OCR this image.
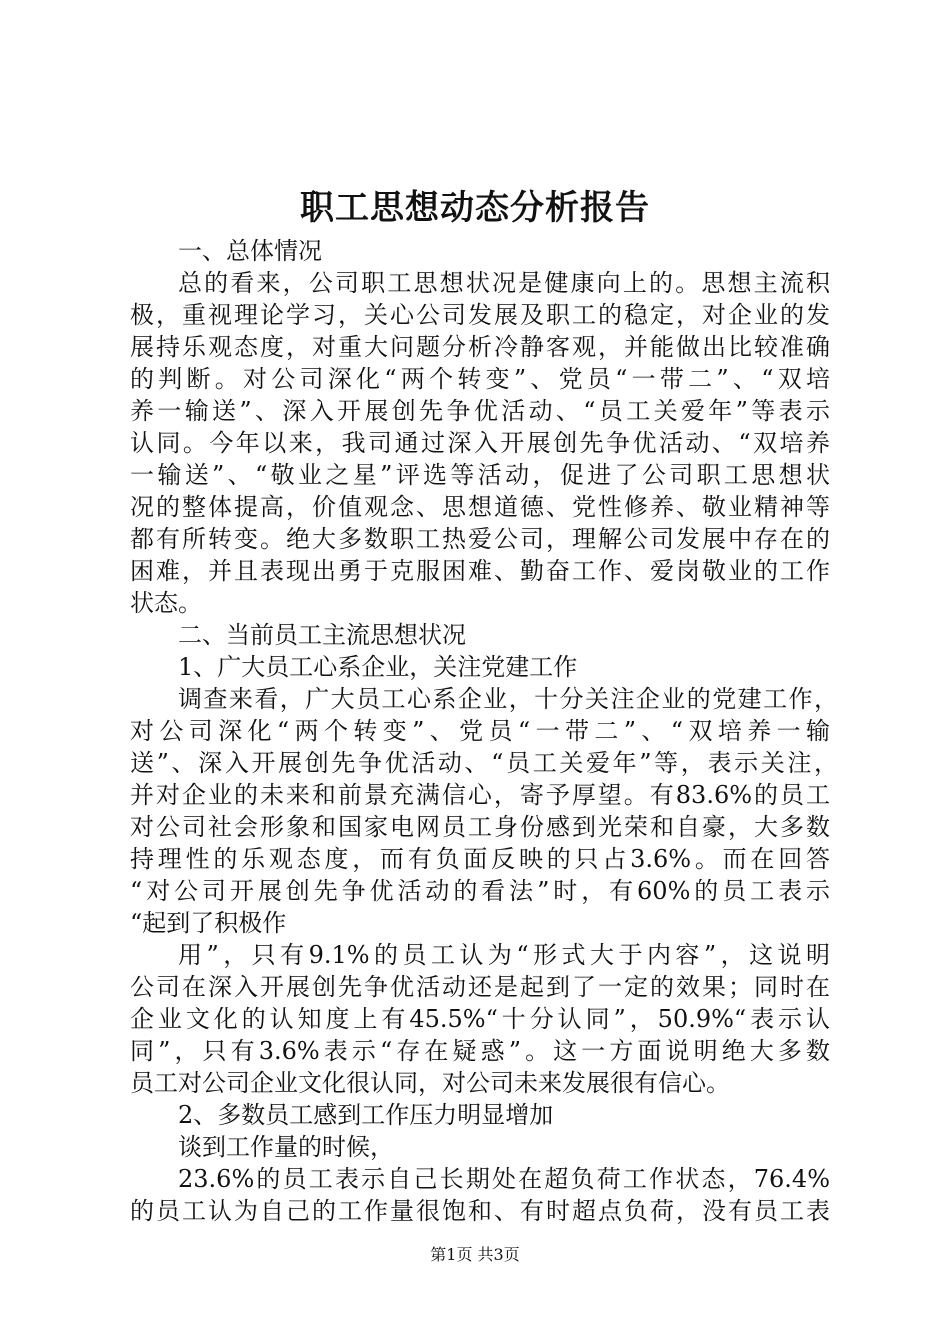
职工思想动态分析报告
一、总体情况
总的看来，公司职工思想状况是健康向上的。思想主流积
极，重视理论学习，关心公司发展及职工的稳定，对企业的发
展持乐观态度，对重大问题分析冷静客观，并能做出比较准确
的判断。对公司深化“两个转变”、党员“一带二”、“双培
养一输送”、深入开展创先争优活动、“员工关爱年”等表示
认同。今年以来，我司通过深入开展创先争优活动、“双培养
一输送”、“敬业之星”评选等活动，促进了公司职工思想状
况的整体提高，价值观念、思想道德、党性修养、敬业精神等
都有所转变。绝大多数职工热爱公司，理解公司发展中存在的
困难，并且表现出勇于克服困难、勤奋工作、爱岗敬业的工作
状态。
二、当前员工主流思想状况
1、广大员工心系企业，关注党建工作
调查来看，广大员工心系企业，十分关注企业的党建工作，
对公司深化“两个转变”、党员“一带二”、“双培养一输
送”、深入开展创先争优活动、“员工关爱年”等，表示关注，
并对企业的未来和前景充满信心，寄予厚望。有83.6%的员工
对公司社会形象和国家电网员工身份感到光荣和自豪，大多数
持理性的乐观态度，而有负面反映的只占3.6%。而在回答
“对公司开展创先争优活动的看法”时，有60%的员工表示
“起到了积极作
用”，只有9.1%的员工认为“形式大于内容”，这说明
公司在深入开展创先争优活动还是起到了一定的效果；同时在
企业文化的认知度上有45.5%“十分认同”，50.9%“表示认
同”，只有3.6%表示“存在疑惑”。这一方面说明绝大多数
员工对公司企业文化很认同，对公司未来发展很有信心。
2、多数员工感到工作压力明显增加
谈到工作量的时候，
23.6%的员工表示自己长期处在超负荷工作状态，76.4%
的员工认为自己的工作量很饱和、有时超点负荷，没有员工表
第1页 共3页
